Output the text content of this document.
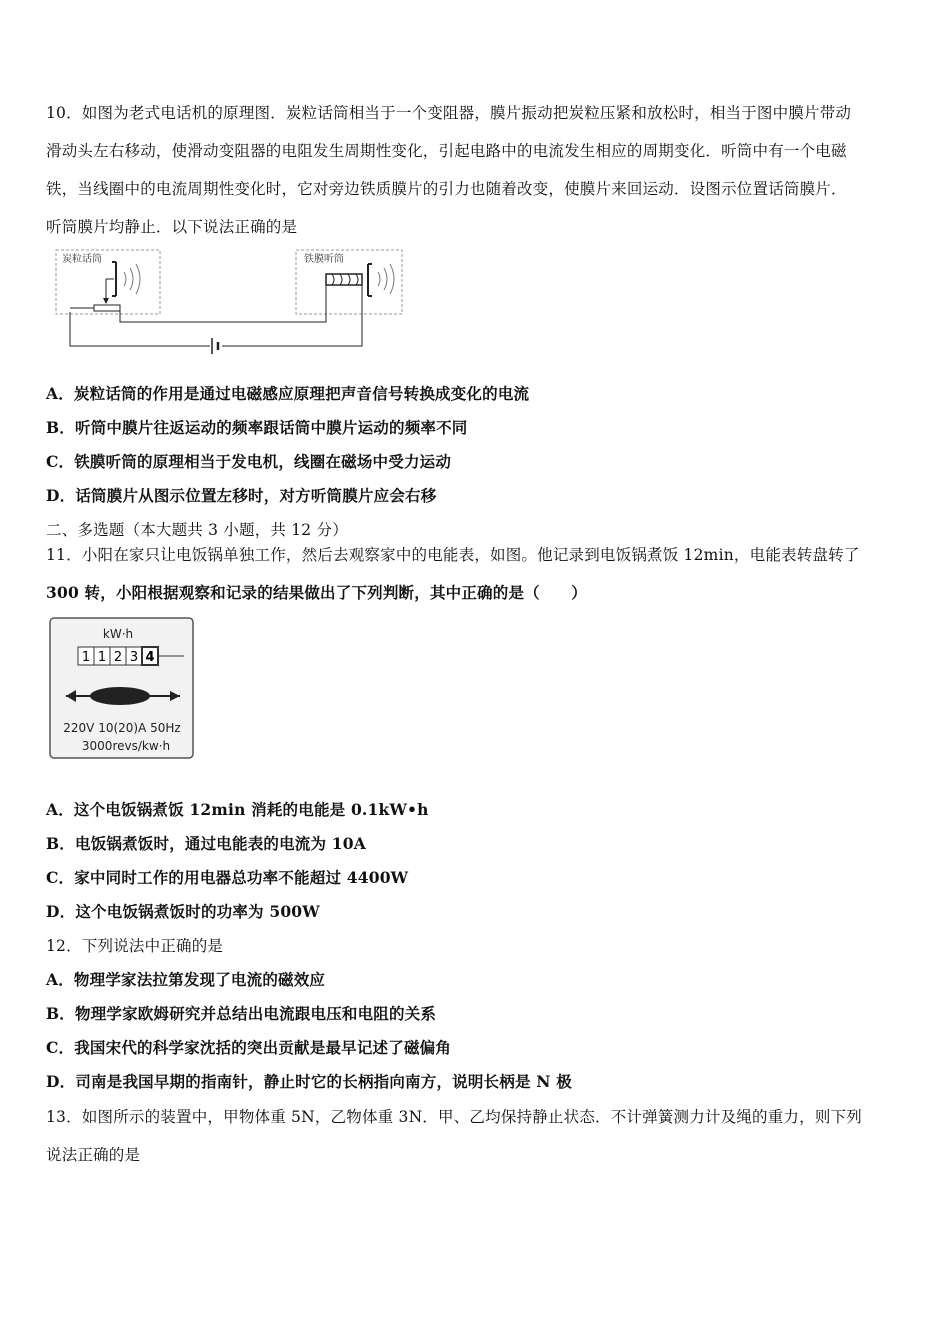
10．如图为老式电话机的原理图．炭粒话筒相当于一个变阻器，膜片振动把炭粒压紧和放松时，相当于图中膜片带动
滑动头左右移动，使滑动变阻器的电阻发生周期性变化，引起电路中的电流发生相应的周期变化．听筒中有一个电磁
铁，当线圈中的电流周期性变化时，它对旁边铁质膜片的引力也随着改变，使膜片来回运动．设图示位置话筒膜片．
听筒膜片均静止．以下说法正确的是
炭粒话筒	铁膜听筒
A．炭粒话筒的作用是通过电磁感应原理把声音信号转换成变化的电流
B．听筒中膜片往返运动的频率跟话筒中膜片运动的频率不同
C．铁膜听筒的原理相当于发电机，线圈在磁场中受力运动
D．话筒膜片从图示位置左移时，对方听筒膜片应会右移
二、多选题（本大题共 3 小题，共 12 分）
11．小阳在家只让电饭锅单独工作，然后去观察家中的电能表，如图。他记录到电饭锅煮饭 12min，电能表转盘转了
300 转，小阳根据观察和记录的结果做出了下列判断，其中正确的是（　　）
kW·h
1 1 2 3 4
220V 10(20)A 50Hz
3000revs/kw·h
A．这个电饭锅煮饭 12min 消耗的电能是 0.1kW•h
B．电饭锅煮饭时，通过电能表的电流为 10A
C．家中同时工作的用电器总功率不能超过 4400W
D．这个电饭锅煮饭时的功率为 500W
12．下列说法中正确的是
A．物理学家法拉第发现了电流的磁效应
B．物理学家欧姆研究并总结出电流跟电压和电阻的关系
C．我国宋代的科学家沈括的突出贡献是最早记述了磁偏角
D．司南是我国早期的指南针，静止时它的长柄指向南方，说明长柄是 N 极
13．如图所示的装置中，甲物体重 5N，乙物体重 3N．甲、乙均保持静止状态．不计弹簧测力计及绳的重力，则下列
说法正确的是
